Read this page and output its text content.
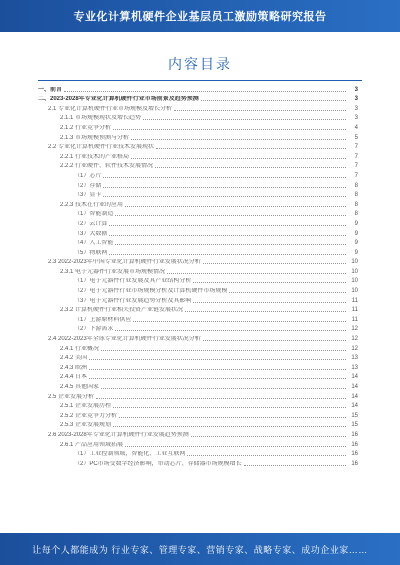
专业化计算机硬件企业基层员工激励策略研究报告
内容目录
一、前言	3
二、2023-2028年专业化计算机硬件行业市场前景及趋势预测	3
2.1 专业化计算机硬件行业市场规模及增长分析	3
2.1.1 市场规模现状及增长趋势	3
2.1.2 行业竞争分析	4
2.1.3 市场规模预测与分析	5
2.2 专业化计算机硬件行业技术发展现状	7
2.2.1 行业技术的产业格局	7
2.2.2 行业硬件、软件技术发展情况	7
（1）芯片	7
（2）存储	8
（3）显卡	8
2.2.3 技术在行业的应用	8
（1）智能制造	8
（2）云计算	9
（3）大数据	9
（4）人工智能	9
（5）物联网	9
2.3 2022-2023年中国专业化计算机硬件行业发展状况分析	10
2.3.1 电子元器件行业发展市场规模情况	10
（1）电子元器件行业发展及其产业结构分析	10
（2）电子元器件行业市场规模分析及计算机硬件市场规模	10
（3）电子元器件行业发展趋势分析及其影响	11
2.3.2 计算机硬件行业相关投资产业链发展状况	11
（1）上游原材料供应	11
（2）下游需求	12
2.4 2022-2023年全球专业化计算机硬件行业发展状况分析	12
2.4.1 行业概况	12
2.4.2 美国	13
2.4.3 欧洲	13
2.4.4 日本	14
2.4.5 其他国家	14
2.5 企业发展分析	14
2.5.1 企业发展历程	14
2.5.2 企业竞争力分析	15
2.5.3 企业发展规划	15
2.6 2023-2028年专业化计算机硬件行业发展趋势预测	16
2.6.1 产品应用领域拓展	16
（1）工业控制领域，智能化、工业互联网	16
（2）PC市场受数字经济影响，带动芯片、存储器市场规模增长	16
让每个人都能成为 行业专家、管理专家、营销专家、战略专家、成功企业家……
